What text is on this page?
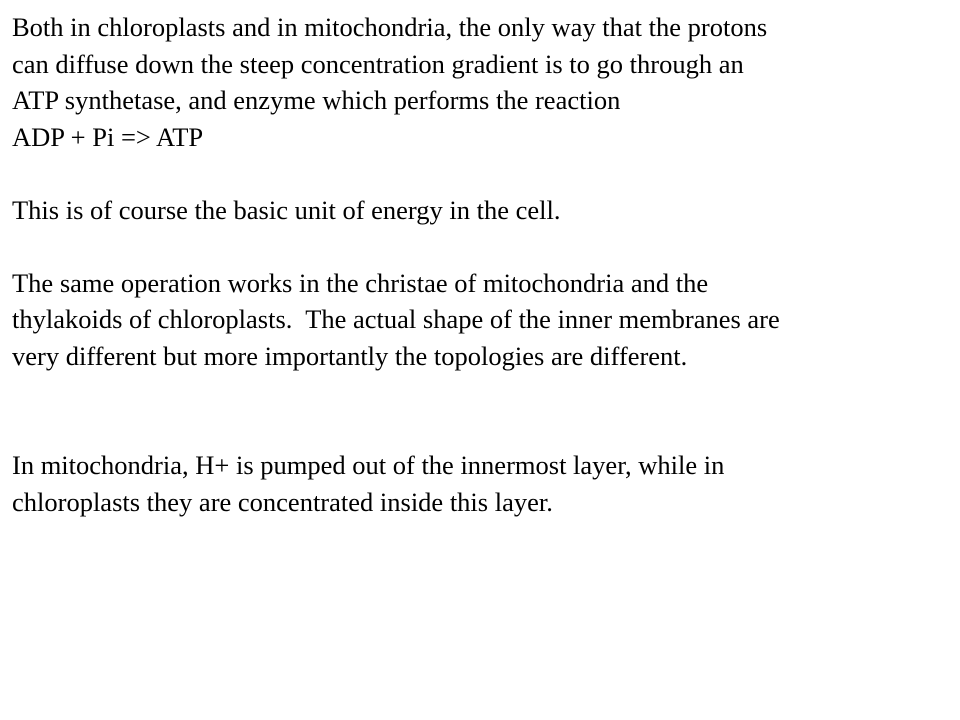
Both in chloroplasts and in mitochondria, the only way that the protons
can diffuse down the steep concentration gradient is to go through an
ATP synthetase, and enzyme which performs the reaction
ADP + Pi => ATP
This is of course the basic unit of energy in the cell.
The same operation works in the christae of mitochondria and the
thylakoids of chloroplasts.  The actual shape of the inner membranes are
very different but more importantly the topologies are different.
In mitochondria, H+ is pumped out of the innermost layer, while in
chloroplasts they are concentrated inside this layer.
